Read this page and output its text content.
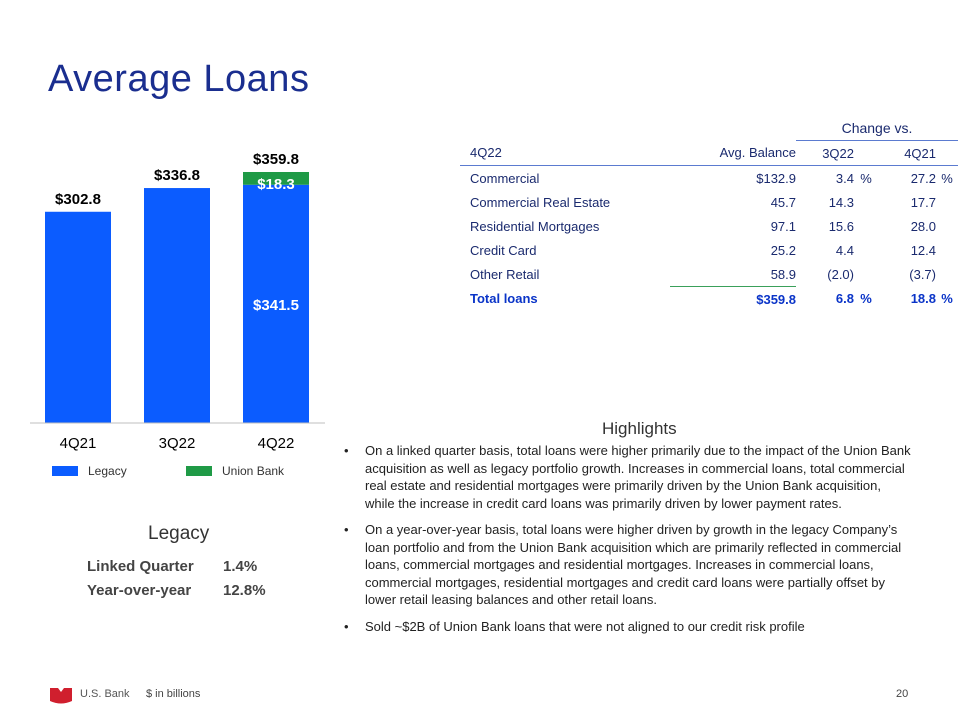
Average Loans
$302.8
4Q21
$336.8
3Q22
$359.8
4Q22
$341.5
$18.3
Legacy	Union Bank
Legacy
Linked Quarter 1.4%
Year-over-year 12.8%
		Change vs.			
4Q22	Avg. Balance	3Q22		4Q21	
Commercial	$132.9	3.4	%	27.2	%
Commercial Real Estate	45.7	14.3		17.7	
Residential Mortgages	97.1	15.6		28.0	
Credit Card	25.2	4.4		12.4	
Other Retail	58.9	(2.0)		(3.7)	
Total loans	$359.8	6.8	%	18.8	%
Highlights
• On a linked quarter basis, total loans were higher primarily due to the impact of the Union Bank acquisition as well as legacy portfolio growth. Increases in commercial loans, total commercial real estate and residential mortgages were primarily driven by the Union Bank acquisition, while the increase in credit card loans was primarily driven by lower payment rates.
• On a year-over-year basis, total loans were higher driven by growth in the legacy Company’s loan portfolio and from the Union Bank acquisition which are primarily reflected in commercial loans, commercial mortgages and residential mortgages. Increases in commercial loans, commercial mortgages, residential mortgages and credit card loans were partially offset by lower retail leasing balances and other retail loans.
• Sold ~$2B of Union Bank loans that were not aligned to our credit risk profile
U.S. Bank $ in billions	20
